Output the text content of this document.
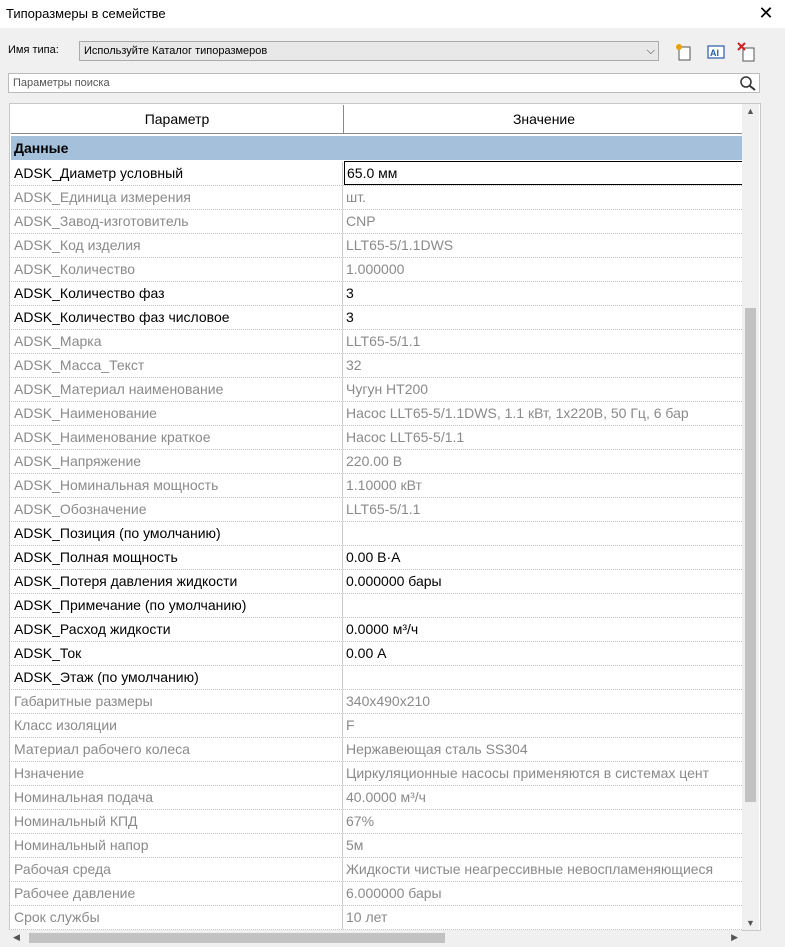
Типоразмеры в семействе	✕
Имя типа:	Используйте Каталог типоразмеров	⌵	AI
Параметры поиска
Параметр	Значение
Данные
ADSK_Диаметр условный	65.0 мм
ADSK_Единица измерения	шт.
ADSK_Завод-изготовитель	CNP
ADSK_Код изделия	LLT65-5/1.1DWS
ADSK_Количество	1.000000
ADSK_Количество фаз	3
ADSK_Количество фаз числовое	3
ADSK_Марка	LLT65-5/1.1
ADSK_Масса_Текст	32
ADSK_Материал наименование	Чугун HT200
ADSK_Наименование	Насос LLT65-5/1.1DWS, 1.1 кВт, 1х220В, 50 Гц, 6 бар
ADSK_Наименование краткое	Насос LLT65-5/1.1
ADSK_Напряжение	220.00 В
ADSK_Номинальная мощность	1.10000 кВт
ADSK_Обозначение	LLT65-5/1.1
ADSK_Позиция (по умолчанию)
ADSK_Полная мощность	0.00 В·А
ADSK_Потеря давления жидкости	0.000000 бары
ADSK_Примечание (по умолчанию)
ADSK_Расход жидкости	0.0000 м³/ч
ADSK_Ток	0.00 А
ADSK_Этаж (по умолчанию)
Габаритные размеры	340х490х210
Класс изоляции	F
Материал рабочего колеса	Нержавеющая сталь SS304
Нзначение	Циркуляционные насосы применяются в системах цент
Номинальная подача	40.0000 м³/ч
Номинальный КПД	67%
Номинальный напор	5м
Рабочая среда	Жидкости чистые неагрессивные невоспламеняющиеся
Рабочее давление	6.000000 бары
Срок службы	10 лет
▲
▼
◀	▶
